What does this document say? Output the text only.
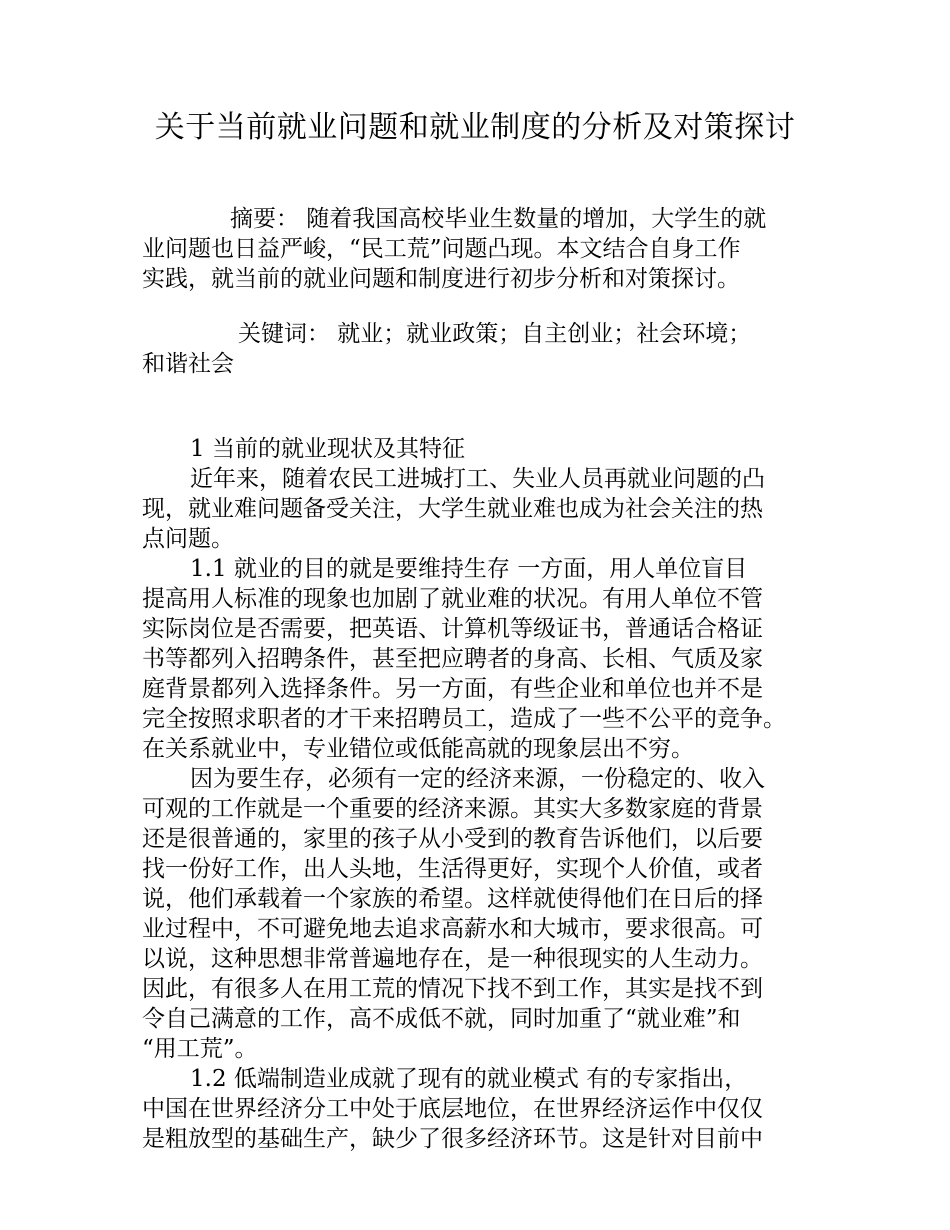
关于当前就业问题和就业制度的分析及对策探讨
摘要： 随着我国高校毕业生数量的增加，大学生的就
业问题也日益严峻，“民工荒”问题凸现。本文结合自身工作
实践，就当前的就业问题和制度进行初步分析和对策探讨。
关键词： 就业；就业政策；自主创业；社会环境；
和谐社会
1 当前的就业现状及其特征
近年来，随着农民工进城打工、失业人员再就业问题的凸
现，就业难问题备受关注，大学生就业难也成为社会关注的热
点问题。
1.1 就业的目的就是要维持生存 一方面，用人单位盲目
提高用人标准的现象也加剧了就业难的状况。有用人单位不管
实际岗位是否需要，把英语、计算机等级证书，普通话合格证
书等都列入招聘条件，甚至把应聘者的身高、长相、气质及家
庭背景都列入选择条件。另一方面，有些企业和单位也并不是
完全按照求职者的才干来招聘员工，造成了一些不公平的竞争。
在关系就业中，专业错位或低能高就的现象层出不穷。
因为要生存，必须有一定的经济来源，一份稳定的、收入
可观的工作就是一个重要的经济来源。其实大多数家庭的背景
还是很普通的，家里的孩子从小受到的教育告诉他们，以后要
找一份好工作，出人头地，生活得更好，实现个人价值，或者
说，他们承载着一个家族的希望。这样就使得他们在日后的择
业过程中，不可避免地去追求高薪水和大城市，要求很高。可
以说，这种思想非常普遍地存在，是一种很现实的人生动力。
因此，有很多人在用工荒的情况下找不到工作，其实是找不到
令自己满意的工作，高不成低不就，同时加重了“就业难”和
“用工荒”。
1.2 低端制造业成就了现有的就业模式 有的专家指出，
中国在世界经济分工中处于底层地位，在世界经济运作中仅仅
是粗放型的基础生产，缺少了很多经济环节。这是针对目前中
